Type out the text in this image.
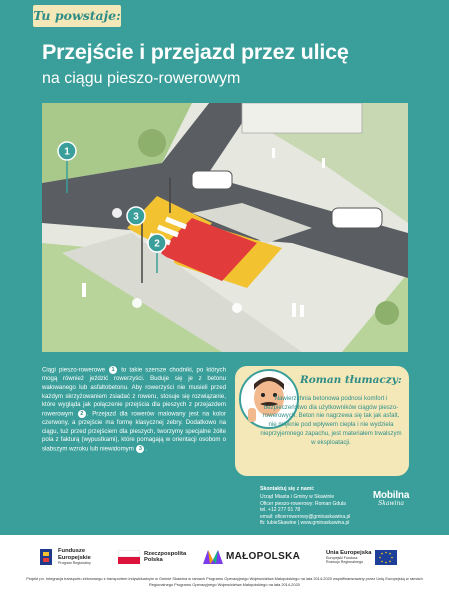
Tu powstaje:
Przejście i przejazd przez ulicę
na ciągu pieszo-rowerowym
1
2
3
Ciągi pieszo-rowerowe 1 to takie szersze chodniki, po których mogą również jeździć rowerzyści. Buduje się je z betonu wałowanego lub asfaltobetonu. Aby rowerzyści nie musieli przed każdym skrzyżowaniem zsiadać z roweru, stosuje się rozwiązanie, które wygląda jak połączenie przejścia dla pieszych z przejazdem rowerowym 2 . Przejazd dla rowerów malowany jest na kolor czerwony, a przejście ma formę klasycznej zebry. Dodatkowo na ciągu, tuż przed przejściem dla pieszych, tworzymy specjalne żółte pola z fakturą (wypustkami), które pomagają w orientacji osobom o słabszym wzroku lub niewidomym 3 .
Roman tłumaczy:
Nawierzchnia betonowa podnosi komfort i bezpieczeństwo dla użytkowników ciągów pieszo-rowerowych. Beton nie nagrzewa się tak jak asfalt, nie mięknie pod wpływem ciepła i nie wydziela nieprzyjemnego zapachu, jest materiałem trwalszym w eksploatacji.
Skontaktuj się z nami:
Urząd Miasta i Gminy w Skawinie
Oficer pieszo-rowerowy: Roman Gdula
tel. +12 277 01 78
email: oficerrowerowy@gminaskawina.pl
fb: lubieSkawine | www.gminaskawina.pl
Mobilna
Skawina
Fundusze
Europejskie
Program Regionalny
Rzeczpospolita
Polska	MAŁOPOLSKA	Unia Europejska
Europejski Fundusz
Rozwoju Regionalnego
Projekt pn. Integracja transportu zbiorowego z transportem indywidualnym w Gminie Skawina w ramach Programu Operacyjnego Województwa Małopolskiego na lata 2014-2020 współfinansowany przez Unię Europejską w ramach
Regionalnego Programu Operacyjnego Województwa Małopolskiego na lata 2014-2020
